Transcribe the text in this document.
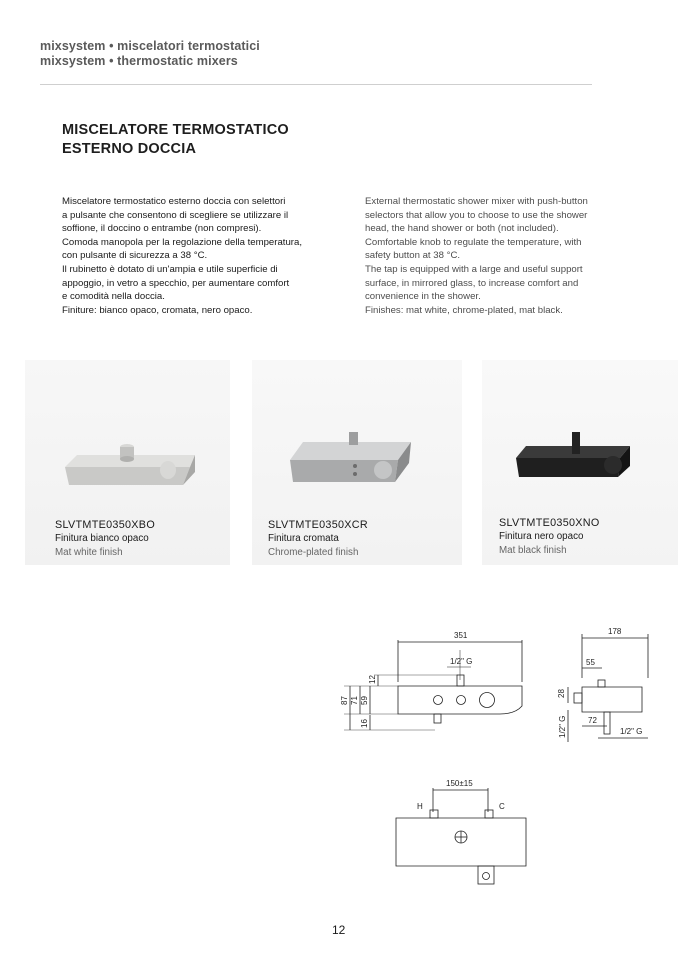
mixsystem • miscelatori termostatici
mixsystem • thermostatic mixers
MISCELATORE TERMOSTATICO
ESTERNO DOCCIA
Miscelatore termostatico esterno doccia con selettori
a pulsante che consentono di scegliere se utilizzare il
soffione, il doccino o entrambe (non compresi).
Comoda manopola per la regolazione della temperatura,
con pulsante di sicurezza a 38 °C.
Il rubinetto è dotato di un'ampia e utile superficie di
appoggio, in vetro a specchio, per aumentare comfort
e comodità nella doccia.
Finiture: bianco opaco, cromata, nero opaco.
External thermostatic shower mixer with push-button
selectors that allow you to choose to use the shower
head, the hand shower or both (not included).
Comfortable knob to regulate the temperature, with
safety button at 38 °C.
The tap is equipped with a large and useful support
surface, in mirrored glass, to increase comfort and
convenience in the shower.
Finishes: mat white, chrome-plated, mat black.
SLVTMTE0350XBO
Finitura bianco opaco
Mat white finish
SLVTMTE0350XCR
Finitura cromata
Chrome-plated finish
SLVTMTE0350XNO
Finitura nero opaco
Mat black finish
351
1/2" G
87 71 59
12
16
178
55
28
1/2" G	72
1/2" G
150±15
H	C
12
